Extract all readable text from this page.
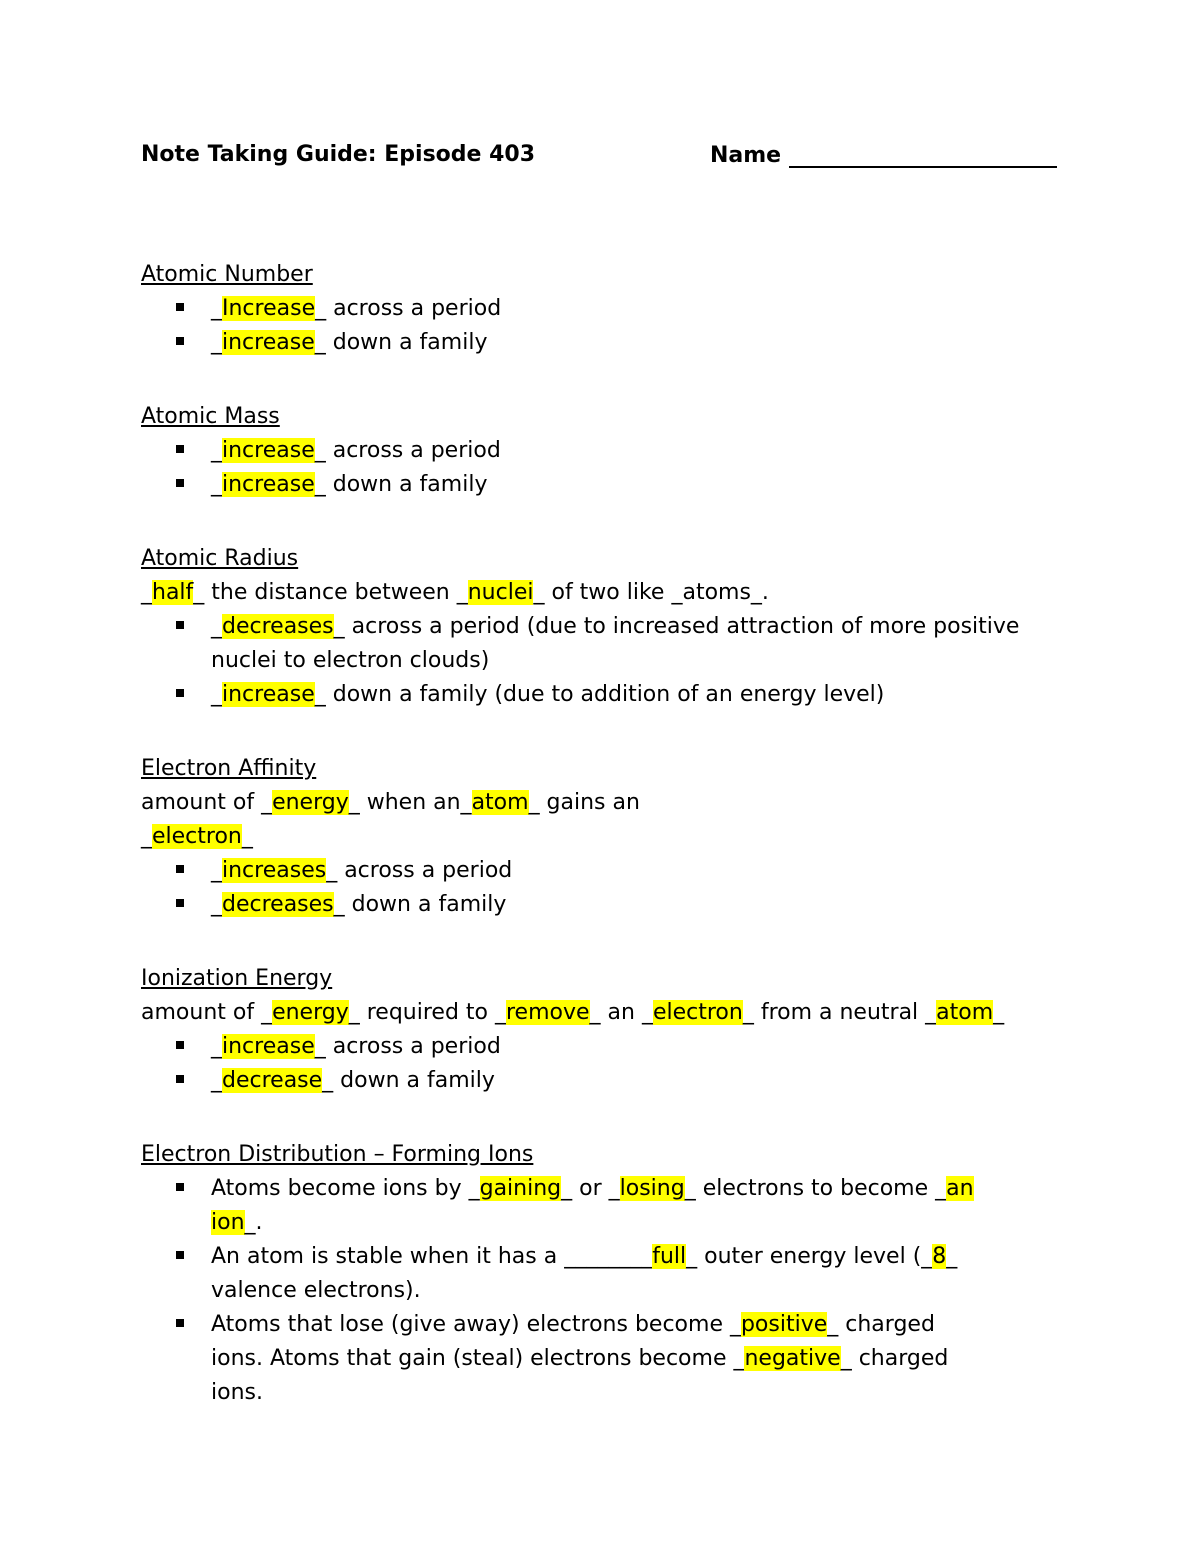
Note Taking Guide: Episode 403	Name
Atomic Number
_Increase_ across a period
_increase_ down a family
Atomic Mass
_increase_ across a period
_increase_ down a family
Atomic Radius
_half_ the distance between _nuclei_ of two like _atoms_.
_decreases_ across a period (due to increased attraction of more positive nuclei to electron clouds)
_increase_ down a family (due to addition of an energy level)
Electron Affinity
amount of _energy_ when an_atom_ gains an
_electron_
_increases_ across a period
_decreases_ down a family
Ionization Energy
amount of _energy_ required to _remove_ an _electron_ from a neutral _atom_
_increase_ across a period
_decrease_ down a family
Electron Distribution – Forming Ions
Atoms become ions by _gaining_ or _losing_ electrons to become _an ion_.
An atom is stable when it has a ________full_ outer energy level (_8_ valence electrons).
Atoms that lose (give away) electrons become _positive_ charged ions. Atoms that gain (steal) electrons become _negative_ charged ions.
